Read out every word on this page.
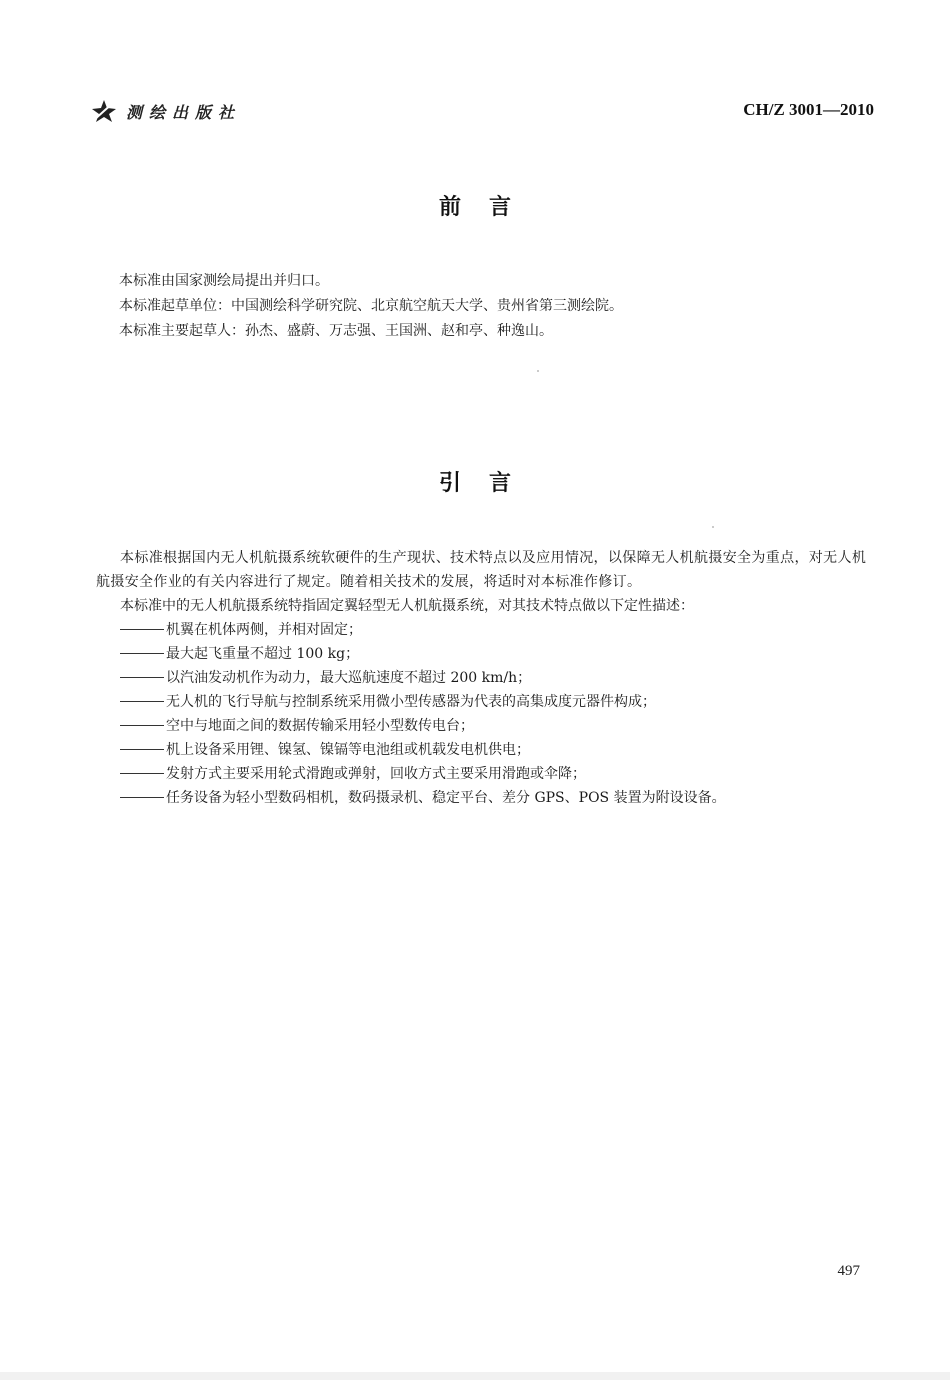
测绘出版社	CH/Z 3001—2010
前言

本标准由国家测绘局提出并归口。

本标准起草单位：中国测绘科学研究院、北京航空航天大学、贵州省第三测绘院。

本标准主要起草人：孙杰、盛蔚、万志强、王国洲、赵和亭、种逸山。

引言

本标准根据国内无人机航摄系统软硬件的生产现状、技术特点以及应用情况，以保障无人机航摄安全为重点，对无人机航摄安全作业的有关内容进行了规定。随着相关技术的发展，将适时对本标准作修订。

本标准中的无人机航摄系统特指固定翼轻型无人机航摄系统，对其技术特点做以下定性描述：

机翼在机体两侧，并相对固定；
最大起飞重量不超过 100 kg；
以汽油发动机作为动力，最大巡航速度不超过 200 km/h；
无人机的飞行导航与控制系统采用微小型传感器为代表的高集成度元器件构成；
空中与地面之间的数据传输采用轻小型数传电台；
机上设备采用锂、镍氢、镍镉等电池组或机载发电机供电；
发射方式主要采用轮式滑跑或弹射，回收方式主要采用滑跑或伞降；
任务设备为轻小型数码相机，数码摄录机、稳定平台、差分 GPS、POS 装置为附设设备。
497
